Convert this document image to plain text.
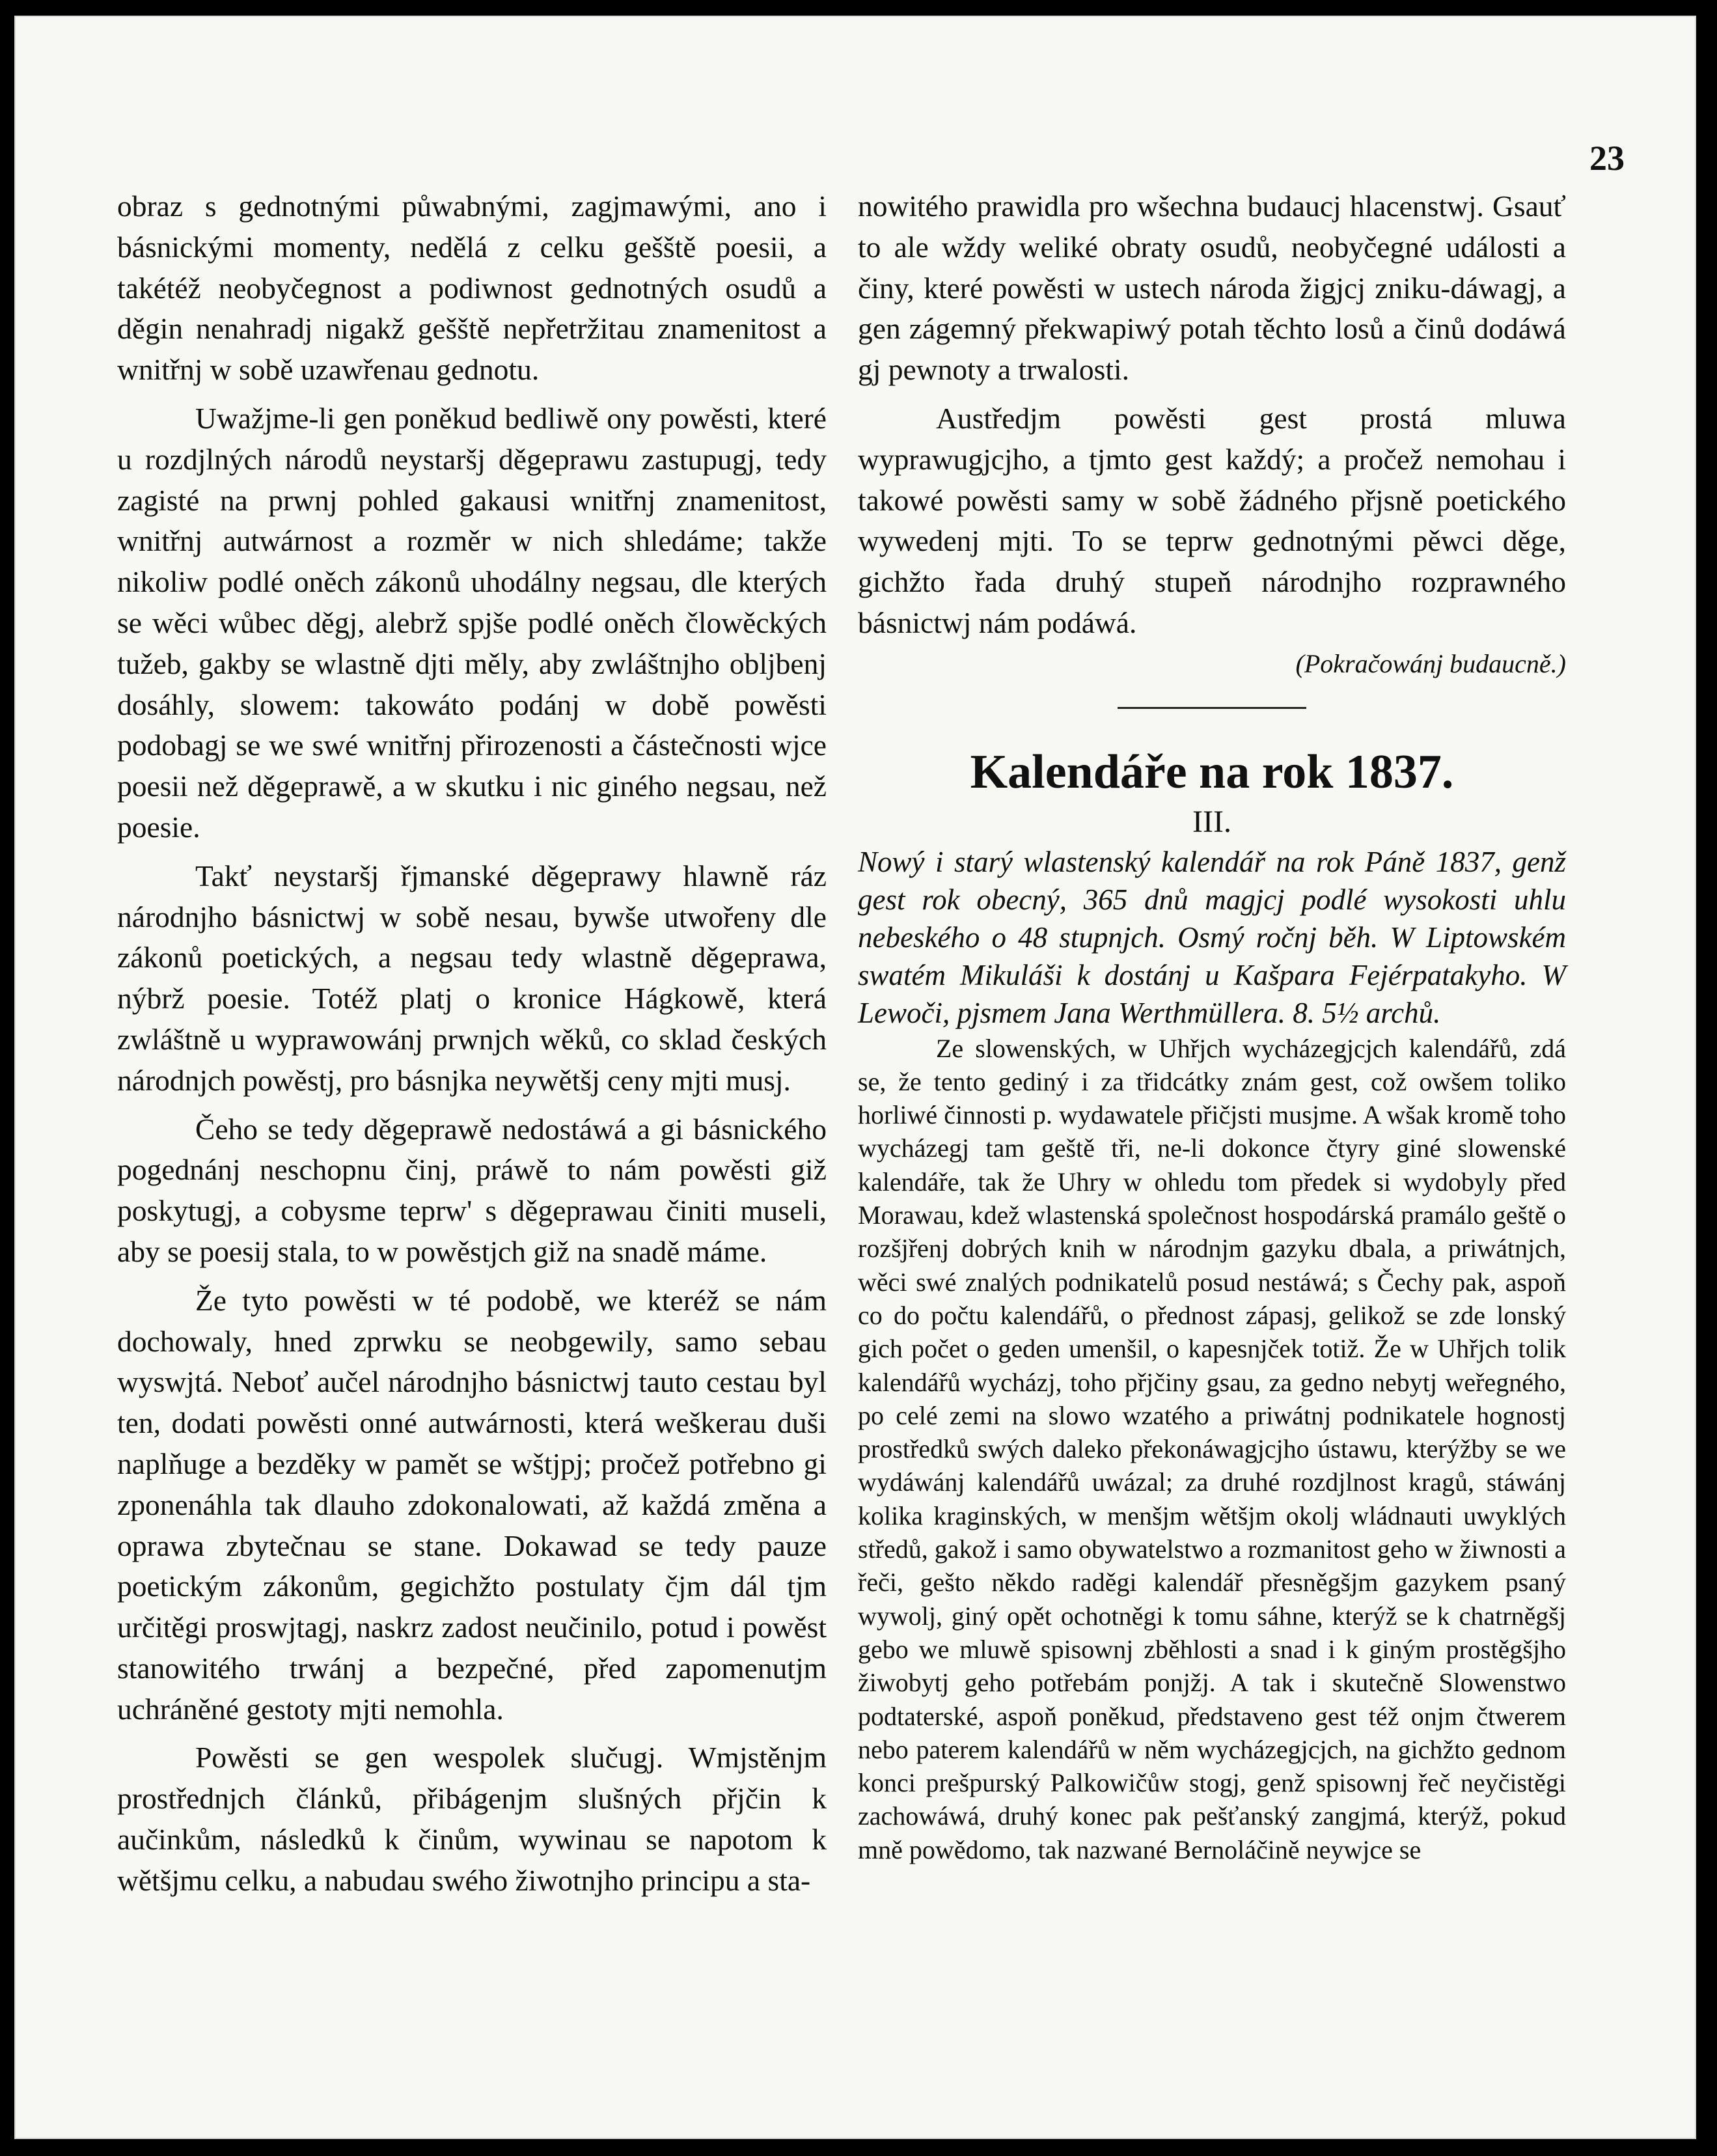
23

obraz s gednotnými půwabnými, zagjmawými, ano i básnickými momenty, nedělá z celku gešště poesii, a takétéž neobyčegnost a podiwnost gednotných osudů a děgin nenahradj nigakž gešště nepřetržitau znamenitost a wnitřnj w sobě uzawřenau gednotu.

Uwažjme-li gen poněkud bedliwě ony powěsti, které u rozdjlných národů neystaršj děgeprawu zastupugj, tedy zagisté na prwnj pohled gakausi wnitřnj znamenitost, wnitřnj autwárnost a rozměr w nich shledáme; takže nikoliw podlé oněch zákonů uhodálny negsau, dle kterých se wěci wůbec děgj, alebrž spjše podlé oněch člowěckých tužeb, gakby se wlastně djti měly, aby zwláštnjho obljbenj dosáhly, slowem: takowáto podánj w době powěsti podobagj se we swé wnitřnj přirozenosti a částečnosti wjce poesii než děgeprawě, a w skutku i nic giného negsau, než poesie.

Takť neystaršj řjmanské děgeprawy hlawně ráz národnjho básnictwj w sobě nesau, bywše utwořeny dle zákonů poetických, a negsau tedy wlastně děgeprawa, nýbrž poesie. Totéž platj o kronice Hágkowě, která zwláštně u wyprawowánj prwnjch wěků, co sklad českých národnjch powěstj, pro básnjka neywětšj ceny mjti musj.

Čeho se tedy děgeprawě nedostáwá a gi básnického pogednánj neschopnu činj, práwě to nám powěsti giž poskytugj, a cobysme teprw' s děgeprawau činiti museli, aby se poesij stala, to w powěstjch giž na snadě máme.

Že tyto powěsti w té podobě, we kteréž se nám dochowaly, hned zprwku se neobgewily, samo sebau wyswjtá. Neboť aučel národnjho básnictwj tauto cestau byl ten, dodati powěsti onné autwárnosti, která weškerau duši naplňuge a bezděky w pamět se wštjpj; pročež potřebno gi zponenáhla tak dlauho zdokonalowati, až každá změna a oprawa zbytečnau se stane. Dokawad se tedy pauze poetickým zákonům, gegichžto postulaty čjm dál tjm určitěgi proswjtagj, naskrz zadost neučinilo, potud i powěst stanowitého trwánj a bezpečné, před zapomenutjm uchráněné gestoty mjti nemohla.

Powěsti se gen wespolek slučugj. Wmjstěnjm prostřednjch článků, přibágenjm slušných přjčin k aučinkům, následků k činům, wywinau se napotom k wětšjmu celku, a nabudau swého žiwotnjho principu a sta-

nowitého prawidla pro wšechna budaucj hlacenstwj. Gsauť to ale wždy weliké obraty osudů, neobyčegné události a činy, které powěsti w ustech národa žigjcj zniku-dáwagj, a gen zágemný překwapiwý potah těchto losů a činů dodáwá gj pewnoty a trwalosti.

Austředjm powěsti gest prostá mluwa wyprawugjcjho, a tjmto gest každý; a pročež nemohau i takowé powěsti samy w sobě žádného přjsně poetického wywedenj mjti. To se teprw gednotnými pěwci děge, gichžto řada druhý stupeň národnjho rozprawného básnictwj nám podáwá.

(Pokračowánj budaucně.)

Kalendáře na rok 1837.

III.

Nowý i starý wlastenský kalendář na rok Páně 1837, genž gest rok obecný, 365 dnů magjcj podlé wysokosti uhlu nebeského o 48 stupnjch. Osmý ročnj běh. W Liptowském swatém Mikuláši k dostánj u Kašpara Fejérpatakyho. W Lewoči, pjsmem Jana Werthmüllera. 8. 5½ archů.

Ze slowenských, w Uhřjch wycházegjcjch kalendářů, zdá se, že tento gediný i za třidcátky znám gest, což owšem toliko horliwé činnosti p. wydawatele přičjsti musjme. A wšak kromě toho wycházegj tam geště tři, ne-li dokonce čtyry giné slowenské kalendáře, tak že Uhry w ohledu tom předek si wydobyly před Morawau, kdež wlastenská společnost hospodárská pramálo geště o rozšjřenj dobrých knih w národnjm gazyku dbala, a priwátnjch, wěci swé znalých podnikatelů posud nestáwá; s Čechy pak, aspoň co do počtu kalendářů, o přednost zápasj, gelikož se zde lonský gich počet o geden umenšil, o kapesnjček totiž. Že w Uhřjch tolik kalendářů wycházj, toho přjčiny gsau, za gedno nebytj weřegného, po celé zemi na slowo wzatého a priwátnj podnikatele hognostj prostředků swých daleko překonáwagjcjho ústawu, kterýžby se we wydáwánj kalendářů uwázal; za druhé rozdjlnost kragů, stáwánj kolika kraginských, w menšjm wětšjm okolj wládnauti uwyklých středů, gakož i samo obywatelstwo a rozmanitost geho w žiwnosti a řeči, gešto někdo raděgi kalendář přesněgšjm gazykem psaný wywolj, giný opět ochotněgi k tomu sáhne, kterýž se k chatrněgšj gebo we mluwě spisownj zběhlosti a snad i k giným prostěgšjho žiwobytj geho potřebám ponjžj. A tak i skutečně Slowenstwo podtaterské, aspoň poněkud, představeno gest též onjm čtwerem nebo paterem kalendářů w něm wycházegjcjch, na gichžto gednom konci prešpurský Palkowičůw stogj, genž spisownj řeč neyčistěgi zachowáwá, druhý konec pak pešťanský zangjmá, kterýž, pokud mně powědomo, tak nazwané Bernoláčině neywjce se
